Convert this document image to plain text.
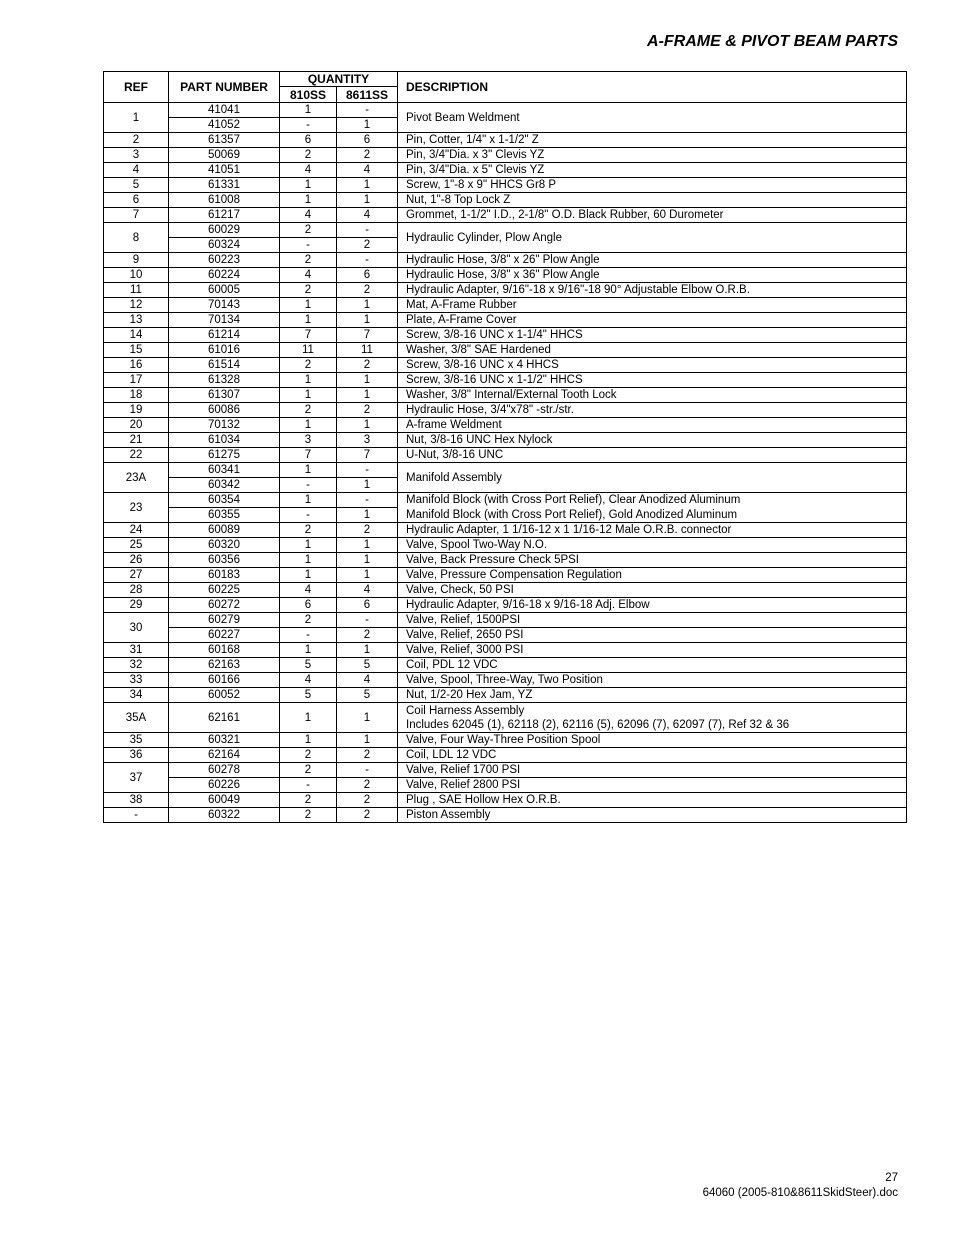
A-FRAME & PIVOT BEAM PARTS
REF	PART NUMBER	QUANTITY		DESCRIPTION
		810SS	8611SS	
1	41041	1	-	Pivot Beam Weldment
	41052	-	1	
2	61357	6	6	Pin, Cotter, 1/4" x 1-1/2" Z

3	50069	2	2	Pin, 3/4"Dia. x 3" Clevis YZ

4	41051	4	4	Pin, 3/4"Dia. x 5" Clevis YZ

5	61331	1	1	Screw, 1"-8 x 9" HHCS Gr8 P

6	61008	1	1	Nut, 1"-8 Top Lock Z

7	61217	4	4	Grommet, 1-1/2" I.D., 2-1/8" O.D. Black Rubber, 60 Durometer

8	60029	2	-	Hydraulic Cylinder, Plow Angle
	60324	-	2	
9	60223	2	-	Hydraulic Hose, 3/8" x 26" Plow Angle

10	60224	4	6	Hydraulic Hose, 3/8" x 36" Plow Angle

11	60005	2	2	Hydraulic Adapter, 9/16"-18 x 9/16"-18 90° Adjustable Elbow O.R.B.

12	70143	1	1	Mat, A-Frame Rubber

13	70134	1	1	Plate, A-Frame Cover

14	61214	7	7	Screw, 3/8-16 UNC x 1-1/4" HHCS

15	61016	11	11	Washer, 3/8" SAE Hardened

16	61514	2	2	Screw, 3/8-16 UNC x 4 HHCS

17	61328	1	1	Screw, 3/8-16 UNC x 1-1/2" HHCS

18	61307	1	1	Washer, 3/8" Internal/External Tooth Lock

19	60086	2	2	Hydraulic Hose, 3/4"x78" -str./str.

20	70132	1	1	A-frame Weldment

21	61034	3	3	Nut, 3/8-16 UNC Hex Nylock

22	61275	7	7	U-Nut, 3/8-16 UNC

23A	60341	1	-	Manifold Assembly
	60342	-	1	
23	60354	1	-	Manifold Block (with Cross Port Relief), Clear Anodized Aluminum

	60355	-	1	Manifold Block (with Cross Port Relief), Gold Anodized Aluminum

24	60089	2	2	Hydraulic Adapter, 1 1/16-12 x 1 1/16-12 Male O.R.B. connector

25	60320	1	1	Valve, Spool Two-Way N.O.

26	60356	1	1	Valve, Back Pressure Check 5PSI

27	60183	1	1	Valve, Pressure Compensation Regulation

28	60225	4	4	Valve, Check, 50 PSI

29	60272	6	6	Hydraulic Adapter, 9/16-18 x 9/16-18 Adj. Elbow

30	60279	2	-	Valve, Relief, 1500PSI

	60227	-	2	Valve, Relief, 2650 PSI

31	60168	1	1	Valve, Relief, 3000 PSI

32	62163	5	5	Coil, PDL 12 VDC

33	60166	4	4	Valve, Spool, Three-Way, Two Position

34	60052	5	5	Nut, 1/2-20 Hex Jam, YZ

35A	62161	1	1	Coil Harness Assembly
Includes 62045 (1), 62118 (2), 62116 (5), 62096 (7), 62097 (7), Ref 32 & 36

35	60321	1	1	Valve, Four Way-Three Position Spool

36	62164	2	2	Coil, LDL 12 VDC

37	60278	2	-	Valve, Relief 1700 PSI

	60226	-	2	Valve, Relief 2800 PSI

38	60049	2	2	Plug , SAE Hollow Hex O.R.B.

-	60322	2	2	Piston Assembly
27
64060 (2005-810&8611SkidSteer).doc
